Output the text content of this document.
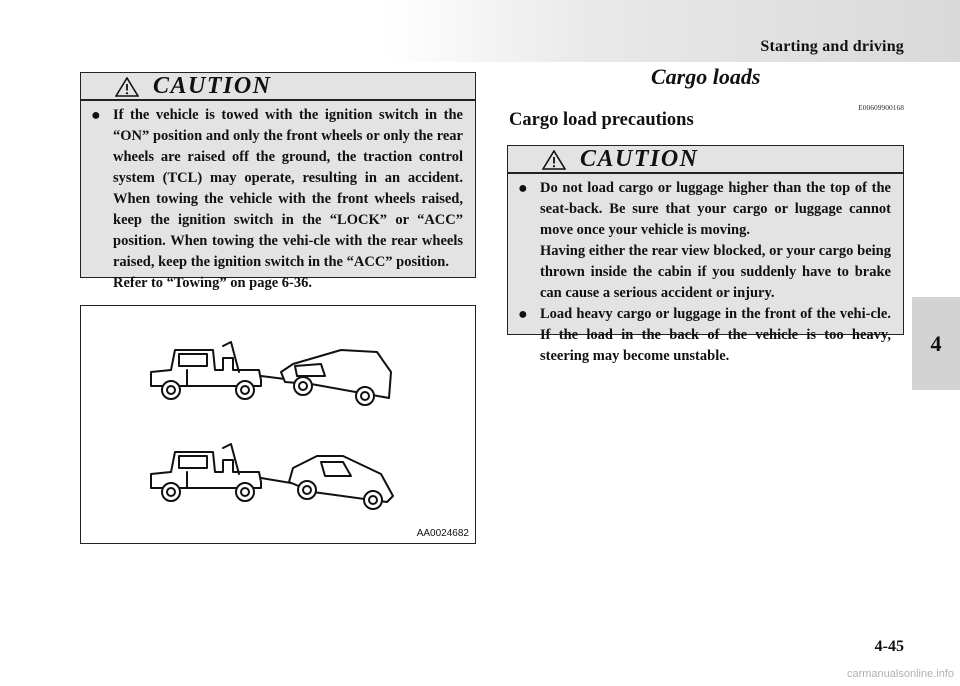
Starting and driving
4
CAUTION
● If the vehicle is towed with the ignition switch in the “ON” position and only the front wheels or only the rear wheels are raised off the ground, the traction control system (TCL) may operate, resulting in an accident. When towing the vehicle with the front wheels raised, keep the ignition switch in the “LOCK” or “ACC” position. When towing the vehi-cle with the rear wheels raised, keep the ignition switch in the “ACC” position.
Refer to “Towing” on page 6-36.
AA0024682
Cargo loads
E00609900168
Cargo load precautions
CAUTION
● Do not load cargo or luggage higher than the top of the seat-back. Be sure that your cargo or luggage cannot move once your vehicle is moving.
Having either the rear view blocked, or your cargo being thrown inside the cabin if you suddenly have to brake can cause a serious accident or injury.
● Load heavy cargo or luggage in the front of the vehi-cle. If the load in the back of the vehicle is too heavy, steering may become unstable.
4-45
carmanualsonline.info
